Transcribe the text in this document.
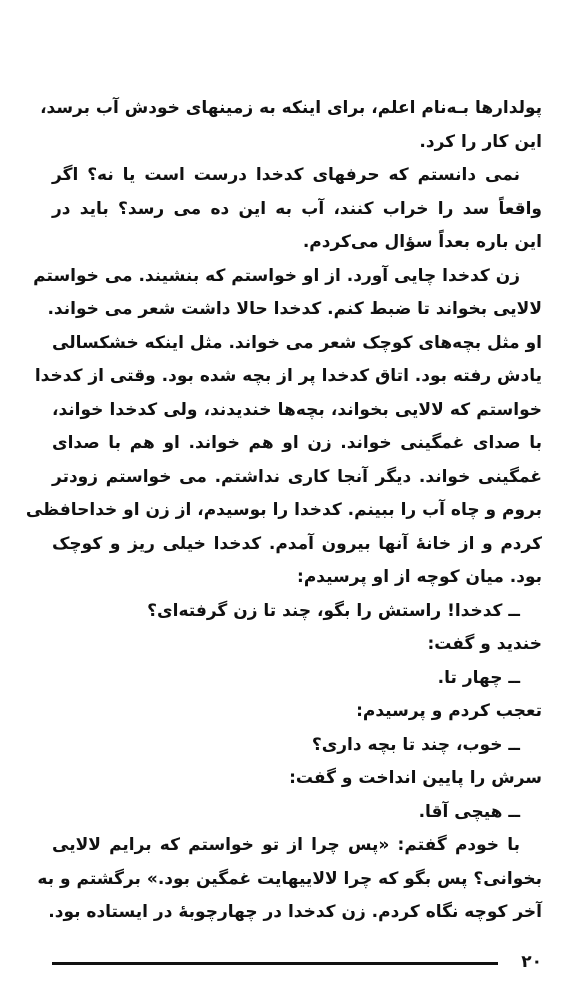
پولدارها بـه‌نام اعلم، برای اینکه به زمینهای خودش آب برسد،
این کار را کرد.
نمی دانستم که حرفهای کدخدا درست است یا نه؟ اگر
واقعاً سد را خراب کنند، آب به این ده می رسد؟ باید در
این باره بعداً سؤال می‌کردم.
زن کدخدا چایی آورد. از او خواستم که بنشیند. می خواستم
لالایی بخواند تا ضبط کنم. کدخدا حالا داشت شعر می خواند.
او مثل بچه‌های کوچک شعر می خواند. مثل اینکه خشکسالی
یادش رفته بود. اتاق کدخدا پر از بچه شده بود. وقتی از کدخدا
خواستم که لالایی بخواند، بچه‌ها خندیدند، ولی کدخدا خواند،
با صدای غمگینی خواند. زن او هم خواند. او هم با صدای
غمگینی خواند. دیگر آنجا کاری نداشتم. می خواستم زودتر
بروم و چاه آب را ببینم. کدخدا را بوسیدم، از زن او خداحافظی
کردم و از خانهٔ آنها بیرون آمدم. کدخدا خیلی ریز و کوچک
بود. میان کوچه از او پرسیدم:
ــ کدخدا! راستش را بگو، چند تا زن گرفته‌ای؟
خندید و گفت:
ــ چهار تا.
تعجب کردم و پرسیدم:
ــ خوب، چند تا بچه داری؟
سرش را پایین انداخت و گفت:
ــ هیچی آقا.
با خودم گفتم: «پس چرا از تو خواستم که برایم لالایی
بخوانی؟ پس بگو که چرا لالاییهایت غمگین بود.» برگشتم و به
آخر کوچه نگاه کردم. زن کدخدا در چهارچوبهٔ در ایستاده بود.
۲۰
